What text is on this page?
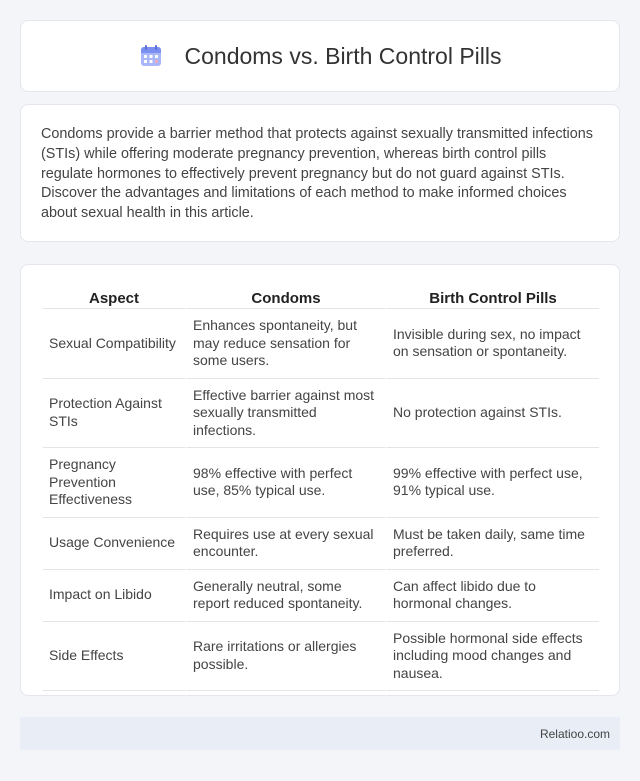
Condoms vs. Birth Control Pills

Condoms provide a barrier method that protects against sexually transmitted infections (STIs) while offering moderate pregnancy prevention, whereas birth control pills regulate hormones to effectively prevent pregnancy but do not guard against STIs. Discover the advantages and limitations of each method to make informed choices about sexual health in this article.

Aspect	Condoms	Birth Control Pills
Sexual Compatibility	Enhances spontaneity, but may reduce sensation for some users.	Invisible during sex, no impact on sensation or spontaneity.
Protection Against STIs	Effective barrier against most sexually transmitted infections.	No protection against STIs.
Pregnancy Prevention Effectiveness	98% effective with perfect use, 85% typical use.	99% effective with perfect use, 91% typical use.
Usage Convenience	Requires use at every sexual encounter.	Must be taken daily, same time preferred.
Impact on Libido	Generally neutral, some report reduced spontaneity.	Can affect libido due to hormonal changes.
Side Effects	Rare irritations or allergies possible.	Possible hormonal side effects including mood changes and nausea.
Relatioo.com
